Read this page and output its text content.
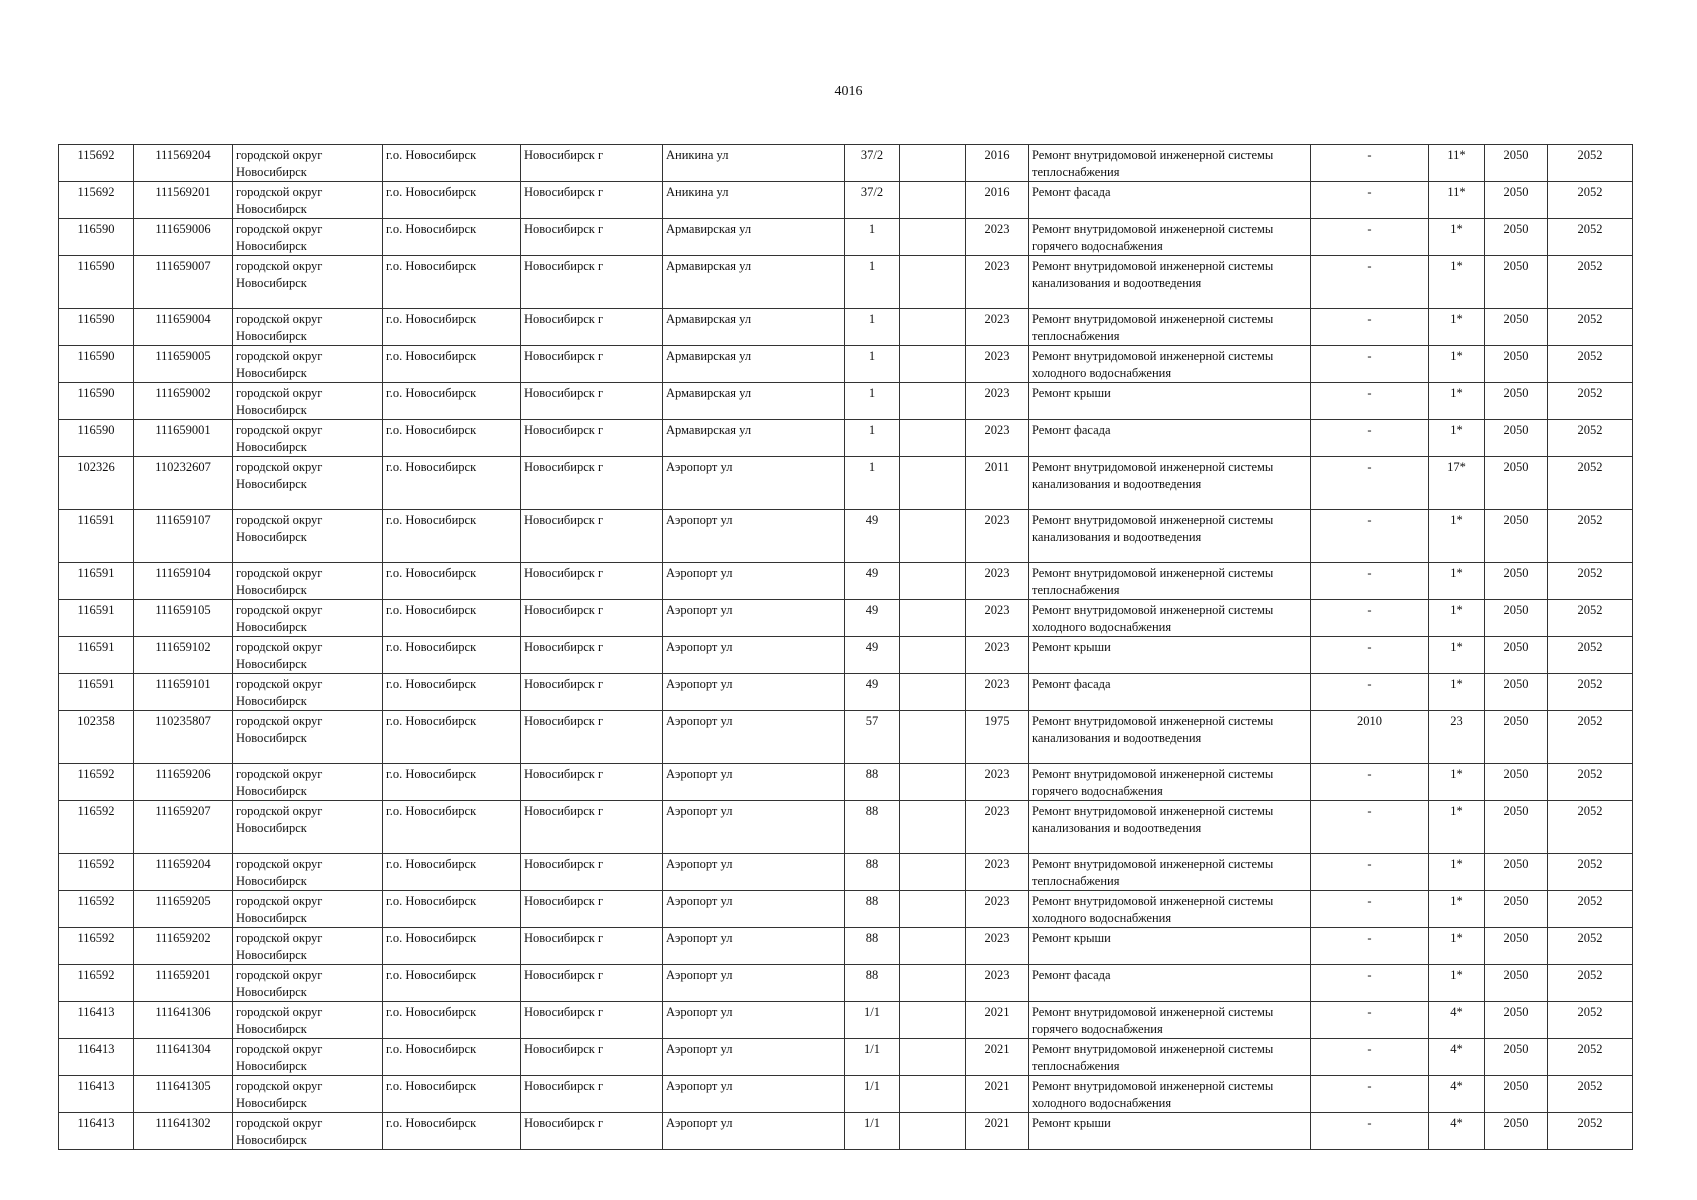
4016
115692	111569204	городской округ Новосибирск	г.о. Новосибирск	Новосибирск г	Аникина ул	37/2		2016	Ремонт внутридомовой инженерной системы теплоснабжения	-	11*	2050	2052
115692	111569201	городской округ Новосибирск	г.о. Новосибирск	Новосибирск г	Аникина ул	37/2		2016	Ремонт фасада	-	11*	2050	2052
116590	111659006	городской округ Новосибирск	г.о. Новосибирск	Новосибирск г	Армавирская ул	1		2023	Ремонт внутридомовой инженерной системы горячего водоснабжения	-	1*	2050	2052
116590	111659007	городской округ Новосибирск	г.о. Новосибирск	Новосибирск г	Армавирская ул	1		2023	Ремонт внутридомовой инженерной системы канализования и водоотведения	-	1*	2050	2052
116590	111659004	городской округ Новосибирск	г.о. Новосибирск	Новосибирск г	Армавирская ул	1		2023	Ремонт внутридомовой инженерной системы теплоснабжения	-	1*	2050	2052
116590	111659005	городской округ Новосибирск	г.о. Новосибирск	Новосибирск г	Армавирская ул	1		2023	Ремонт внутридомовой инженерной системы холодного водоснабжения	-	1*	2050	2052
116590	111659002	городской округ Новосибирск	г.о. Новосибирск	Новосибирск г	Армавирская ул	1		2023	Ремонт крыши	-	1*	2050	2052
116590	111659001	городской округ Новосибирск	г.о. Новосибирск	Новосибирск г	Армавирская ул	1		2023	Ремонт фасада	-	1*	2050	2052
102326	110232607	городской округ Новосибирск	г.о. Новосибирск	Новосибирск г	Аэропорт ул	1		2011	Ремонт внутридомовой инженерной системы канализования и водоотведения	-	17*	2050	2052
116591	111659107	городской округ Новосибирск	г.о. Новосибирск	Новосибирск г	Аэропорт ул	49		2023	Ремонт внутридомовой инженерной системы канализования и водоотведения	-	1*	2050	2052
116591	111659104	городской округ Новосибирск	г.о. Новосибирск	Новосибирск г	Аэропорт ул	49		2023	Ремонт внутридомовой инженерной системы теплоснабжения	-	1*	2050	2052
116591	111659105	городской округ Новосибирск	г.о. Новосибирск	Новосибирск г	Аэропорт ул	49		2023	Ремонт внутридомовой инженерной системы холодного водоснабжения	-	1*	2050	2052
116591	111659102	городской округ Новосибирск	г.о. Новосибирск	Новосибирск г	Аэропорт ул	49		2023	Ремонт крыши	-	1*	2050	2052
116591	111659101	городской округ Новосибирск	г.о. Новосибирск	Новосибирск г	Аэропорт ул	49		2023	Ремонт фасада	-	1*	2050	2052
102358	110235807	городской округ Новосибирск	г.о. Новосибирск	Новосибирск г	Аэропорт ул	57		1975	Ремонт внутридомовой инженерной системы канализования и водоотведения	2010	23	2050	2052
116592	111659206	городской округ Новосибирск	г.о. Новосибирск	Новосибирск г	Аэропорт ул	88		2023	Ремонт внутридомовой инженерной системы горячего водоснабжения	-	1*	2050	2052
116592	111659207	городской округ Новосибирск	г.о. Новосибирск	Новосибирск г	Аэропорт ул	88		2023	Ремонт внутридомовой инженерной системы канализования и водоотведения	-	1*	2050	2052
116592	111659204	городской округ Новосибирск	г.о. Новосибирск	Новосибирск г	Аэропорт ул	88		2023	Ремонт внутридомовой инженерной системы теплоснабжения	-	1*	2050	2052
116592	111659205	городской округ Новосибирск	г.о. Новосибирск	Новосибирск г	Аэропорт ул	88		2023	Ремонт внутридомовой инженерной системы холодного водоснабжения	-	1*	2050	2052
116592	111659202	городской округ Новосибирск	г.о. Новосибирск	Новосибирск г	Аэропорт ул	88		2023	Ремонт крыши	-	1*	2050	2052
116592	111659201	городской округ Новосибирск	г.о. Новосибирск	Новосибирск г	Аэропорт ул	88		2023	Ремонт фасада	-	1*	2050	2052
116413	111641306	городской округ Новосибирск	г.о. Новосибирск	Новосибирск г	Аэропорт ул	1/1		2021	Ремонт внутридомовой инженерной системы горячего водоснабжения	-	4*	2050	2052
116413	111641304	городской округ Новосибирск	г.о. Новосибирск	Новосибирск г	Аэропорт ул	1/1		2021	Ремонт внутридомовой инженерной системы теплоснабжения	-	4*	2050	2052
116413	111641305	городской округ Новосибирск	г.о. Новосибирск	Новосибирск г	Аэропорт ул	1/1		2021	Ремонт внутридомовой инженерной системы холодного водоснабжения	-	4*	2050	2052
116413	111641302	городской округ Новосибирск	г.о. Новосибирск	Новосибирск г	Аэропорт ул	1/1		2021	Ремонт крыши	-	4*	2050	2052
